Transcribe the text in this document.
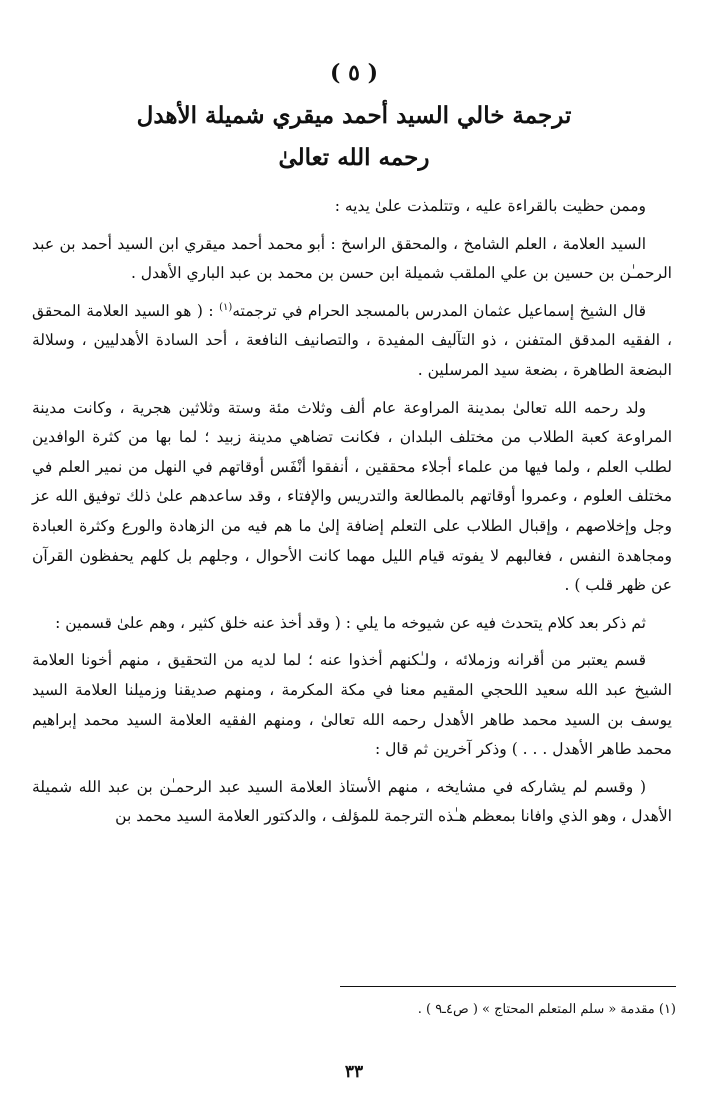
( ٥ )
ترجمة خالي السيد أحمد ميقري شميلة الأهدل
رحمه الله تعالىٰ

وممن حظيت بالقراءة عليه ، وتتلمذت علىٰ يديه :

السيد العلامة ، العلم الشامخ ، والمحقق الراسخ : أبو محمد أحمد ميقري ابن السيد أحمد بن عبد الرحمـٰن بن حسين بن علي الملقب شميلة ابن حسن بن محمد بن عبد الباري الأهدل .

قال الشيخ إسماعيل عثمان المدرس بالمسجد الحرام في ترجمته$^{(١)}$ : ( هو السيد العلامة المحقق ، الفقيه المدقق المتفنن ، ذو التآليف المفيدة ، والتصانيف النافعة ، أحد السادة الأهدليين ، وسلالة البضعة الطاهرة ، بضعة سيد المرسلين .

ولد رحمه الله تعالىٰ بمدينة المراوعة عام ألف وثلاث مئة وستة وثلاثين هجرية ، وكانت مدينة المراوعة كعبة الطلاب من مختلف البلدان ، فكانت تضاهي مدينة زبيد ؛ لما بها من كثرة الوافدين لطلب العلم ، ولما فيها من علماء أجلاء محققين ، أنفقوا أنْفَس أوقاتهم في النهل من نمير العلم في مختلف العلوم ، وعمروا أوقاتهم بالمطالعة والتدريس والإفتاء ، وقد ساعدهم علىٰ ذلك توفيق الله عز وجل وإخلاصهم ، وإقبال الطلاب على التعلم إضافة إلىٰ ما هم فيه من الزهادة والورع وكثرة العبادة ومجاهدة النفس ، فغالبهم لا يفوته قيام الليل مهما كانت الأحوال ، وجلهم بل كلهم يحفظون القرآن عن ظهر قلب ) .

ثم ذكر بعد كلام يتحدث فيه عن شيوخه ما يلي : ( وقد أخذ عنه خلق كثير ، وهم علىٰ قسمين :

قسم يعتبر من أقرانه وزملائه ، ولـٰكنهم أخذوا عنه ؛ لما لديه من التحقيق ، منهم أخونا العلامة الشيخ عبد الله سعيد اللحجي المقيم معنا في مكة المكرمة ، ومنهم صديقنا وزميلنا العلامة السيد يوسف بن السيد محمد طاهر الأهدل رحمه الله تعالىٰ ، ومنهم الفقيه العلامة السيد محمد إبراهيم محمد طاهر الأهدل . . . ) وذكر آخرين ثم قال :

( وقسم لم يشاركه في مشايخه ، منهم الأستاذ العلامة السيد عبد الرحمـٰن بن عبد الله شميلة الأهدل ، وهو الذي وافانا بمعظم هـٰذه الترجمة للمؤلف ، والدكتور العلامة السيد محمد بن

(١) مقدمة « سلم المتعلم المحتاج » ( ص٤ـ٩ ) .
٣٣
